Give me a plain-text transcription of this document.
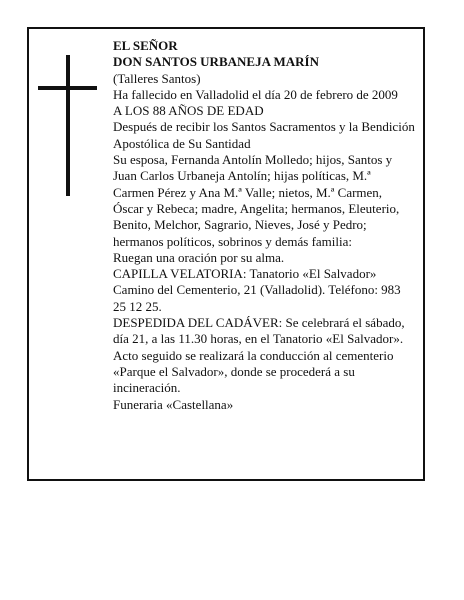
EL SEÑOR
DON SANTOS URBANEJA MARÍN
(Talleres Santos)
Ha fallecido en Valladolid el día 20 de febrero de 2009
A LOS 88 AÑOS DE EDAD
Después de recibir los Santos Sacramentos y la Bendición Apostólica de Su Santidad
Su esposa, Fernanda Antolín Molledo; hijos, Santos y Juan Carlos Urbaneja Antolín; hijas políticas, M.ª Carmen Pérez y Ana M.ª Valle; nietos, M.ª Carmen, Óscar y Rebeca; madre, Angelita; hermanos, Eleuterio, Benito, Melchor, Sagrario, Nieves, José y Pedro; hermanos políticos, sobrinos y demás familia:
Ruegan una oración por su alma.
CAPILLA VELATORIA: Tanatorio «El Salvador» Camino del Cementerio, 21 (Valladolid). Teléfono: 983 25 12 25.
DESPEDIDA DEL CADÁVER: Se celebrará el sábado, día 21, a las 11.30 horas, en el Tanatorio «El Salvador». Acto seguido se realizará la conducción al cementerio «Parque el Salvador», donde se procederá a su incineración.
Funeraria «Castellana»
